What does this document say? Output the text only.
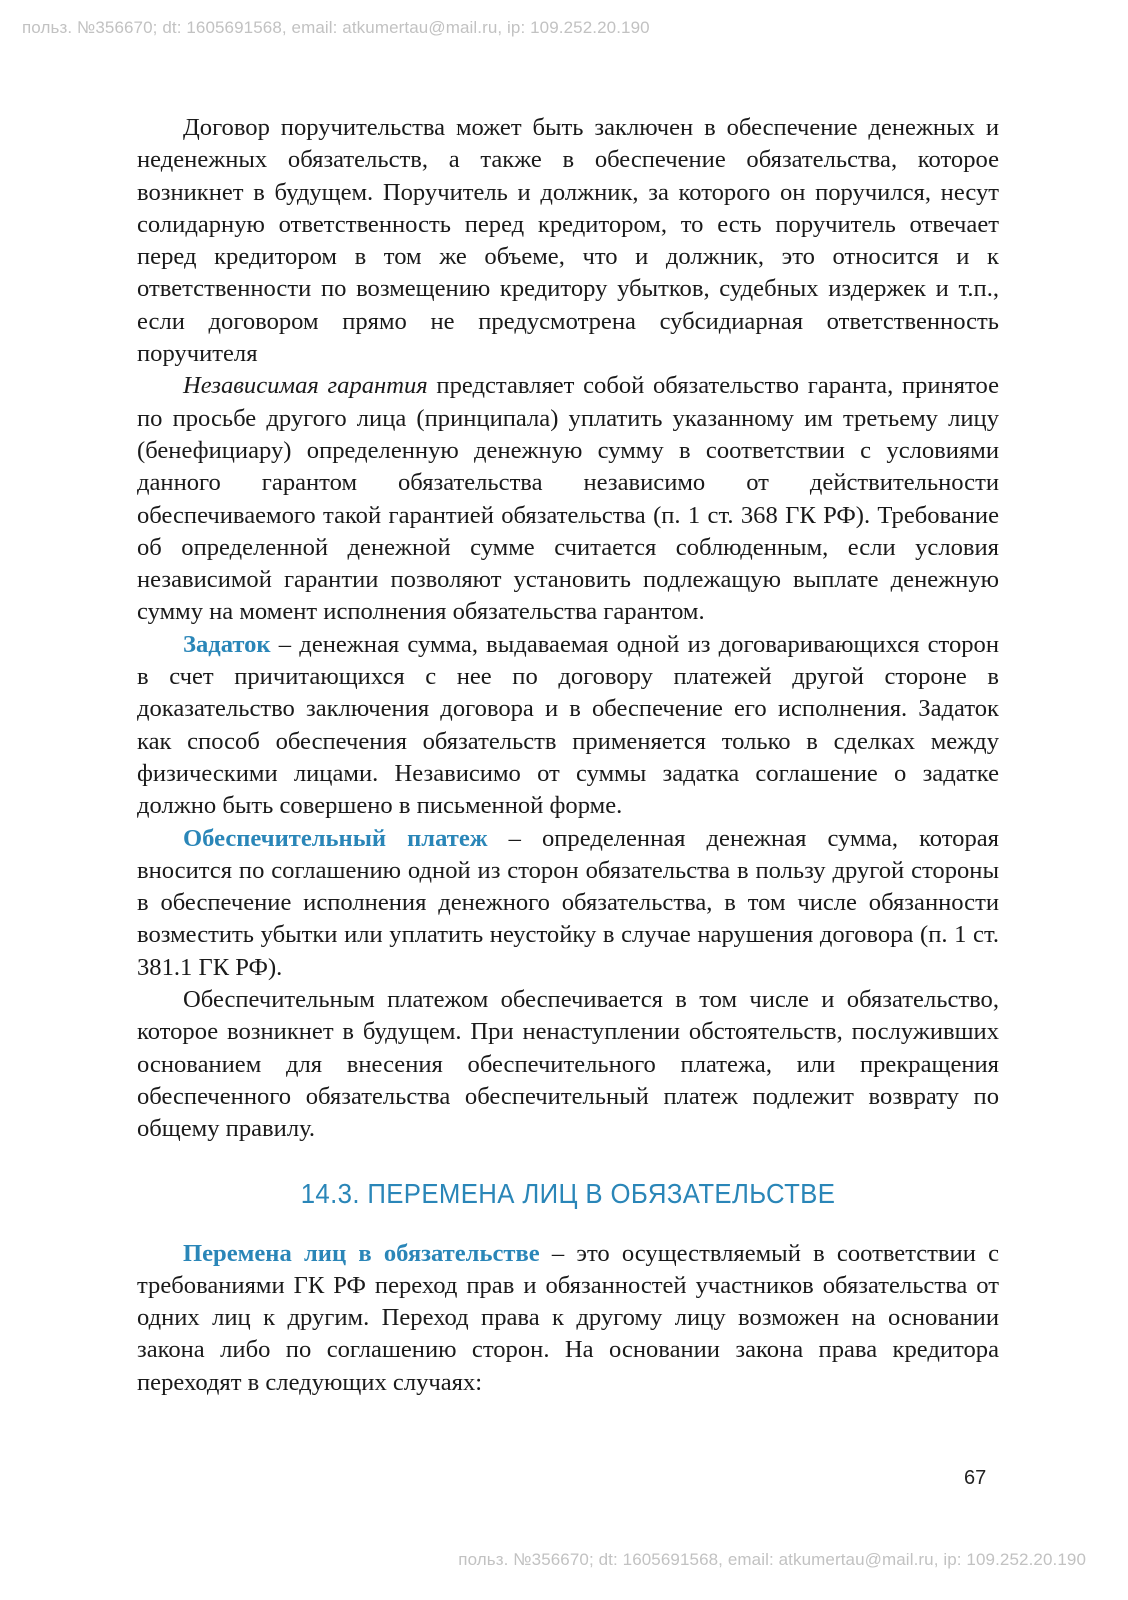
польз. №356670; dt: 1605691568, email: atkumertau@mail.ru, ip: 109.252.20.190

Договор поручительства может быть заключен в обеспечение денежных и неденежных обязательств, а также в обеспечение обязательства, которое возникнет в будущем. Поручитель и должник, за которого он поручился, несут солидарную ответственность перед кредитором, то есть поручитель отвечает перед кредитором в том же объеме, что и должник, это относится и к ответственности по возмещению кредитору убытков, судебных издержек и т.п., если договором прямо не предусмотрена субсидиарная ответственность поручителя

Независимая гарантия представляет собой обязательство гаранта, принятое по просьбе другого лица (принципала) уплатить указанному им третьему лицу (бенефициару) определенную денежную сумму в соответствии с условиями данного гарантом обязательства независимо от действительности обеспечиваемого такой гарантией обязательства (п. 1 ст. 368 ГК РФ). Требование об определенной денежной сумме считается соблюденным, если условия независимой гарантии позволяют установить подлежащую выплате денежную сумму на момент исполнения обязательства гарантом.

Задаток – денежная сумма, выдаваемая одной из договаривающихся сторон в счет причитающихся с нее по договору платежей другой стороне в доказательство заключения договора и в обеспечение его исполнения. Задаток как способ обеспечения обязательств применяется только в сделках между физическими лицами. Независимо от суммы задатка соглашение о задатке должно быть совершено в письменной форме.

Обеспечительный платеж – определенная денежная сумма, которая вносится по соглашению одной из сторон обязательства в пользу другой стороны в обеспечение исполнения денежного обязательства, в том числе обязанности возместить убытки или уплатить неустойку в случае нарушения договора (п. 1 ст. 381.1 ГК РФ).

Обеспечительным платежом обеспечивается в том числе и обязательство, которое возникнет в будущем. При ненаступлении обстоятельств, послуживших основанием для внесения обеспечительного платежа, или прекращения обеспеченного обязательства обеспечительный платеж подлежит возврату по общему правилу.

14.3. ПЕРЕМЕНА ЛИЦ В ОБЯЗАТЕЛЬСТВЕ

Перемена лиц в обязательстве – это осуществляемый в соответствии с требованиями ГК РФ переход прав и обязанностей участников обязательства от одних лиц к другим. Переход права к другому лицу возможен на основании закона либо по соглашению сторон. На основании закона права кредитора переходят в следующих случаях:

67
польз. №356670; dt: 1605691568, email: atkumertau@mail.ru, ip: 109.252.20.190
